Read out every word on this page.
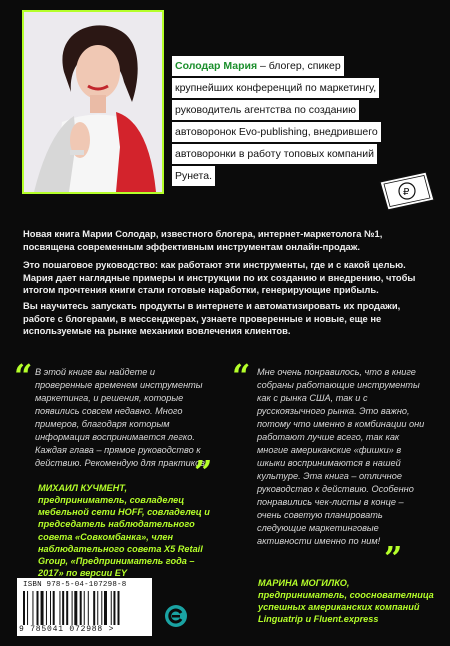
Солодар Мария – блогер, спикер
крупнейших конференций по маркетингу,
руководитель агентства по созданию
автоворонок Evo-publishing, внедрившего
автоворонки в работу топовых компаний
Рунета.
₽
Новая книга Марии Солодар, известного блогера, интернет-маркетолога №1, посвящена современным эффективным инструментам онлайн-продаж.
Это пошаговое руководство: как работают эти инструменты, где и с какой целью. Мария дает наглядные примеры и инструкции по их созданию и внедрению, чтобы итогом прочтения книги стали готовые наработки, генерирующие прибыль.
Вы научитесь запускать продукты в интернете и автоматизировать их продажи, работе с блогерами, в мессенджерах, узнаете проверенные и новые, еще не используемые на рынке механики вовлечения клиентов.
“ В этой книге вы найдете и проверенные временем инструменты маркетинга, и решения, которые появились совсем недавно. Много примеров, благодаря которым информация воспринимается легко. Каждая глава – прямое руководство к действию. Рекомендую для практиков.
”
МИХАИЛ КУЧМЕНТ,
предприниматель, совладелец мебельной сети HOFF, совладелец и председатель наблюдательного совета «Совкомбанка», член наблюдательного совета X5 Retail Group, «Предприниматель года – 2017» по версии EY
“ Мне очень понравилось, что в книге собраны работающие инструменты как с рынка США, так и с русскоязычного рынка. Это важно, потому что именно в комбинации они работают лучше всего, так как многие американские «фишки» в шкыки воспринимаются в нашей культуре. Эта книга – отличное руководство к действию. Особенно понравились чек-листы в конце – очень советую планировать следующие маркетинговые активности именно по ним! ”
МАРИНА МОГИЛКО,
предприниматель, сооснователница успешных американских компаний Linguatrip и Fluent.express
ISBN 978-5-04-107298-8
9 785041 072988 >
